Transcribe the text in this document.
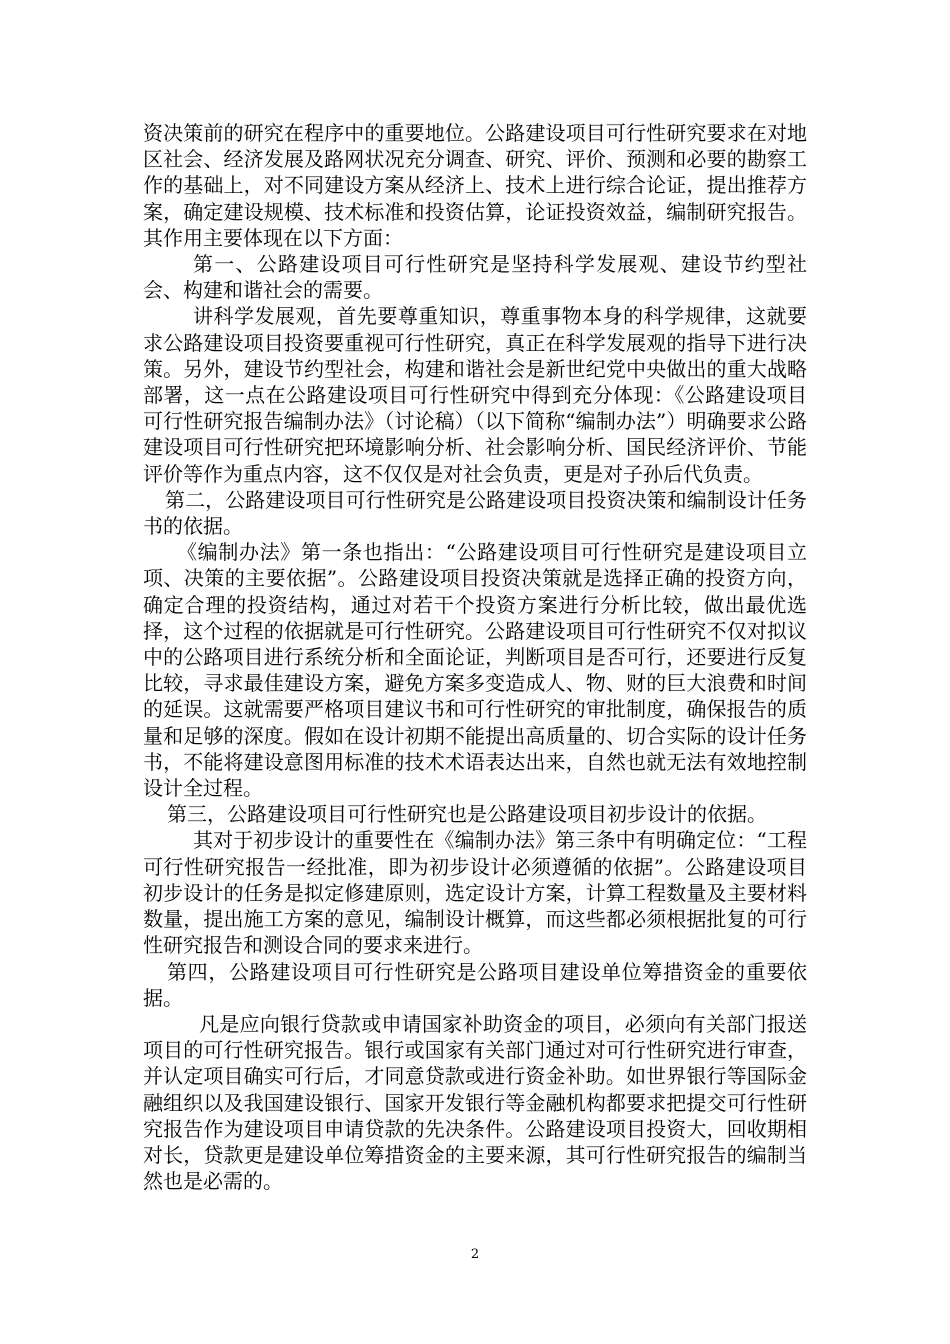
资决策前的研究在程序中的重要地位。公路建设项目可行性研究要求在对地区社会、经济发展及路网状况充分调查、研究、评价、预测和必要的勘察工作的基础上，对不同建设方案从经济上、技术上进行综合论证，提出推荐方案，确定建设规模、技术标准和投资估算，论证投资效益，编制研究报告。其作用主要体现在以下方面：

第一、公路建设项目可行性研究是坚持科学发展观、建设节约型社会、构建和谐社会的需要。

讲科学发展观，首先要尊重知识，尊重事物本身的科学规律，这就要求公路建设项目投资要重视可行性研究，真正在科学发展观的指导下进行决策。另外，建设节约型社会，构建和谐社会是新世纪党中央做出的重大战略部署，这一点在公路建设项目可行性研究中得到充分体现：《公路建设项目可行性研究报告编制办法》（讨论稿）（以下简称“编制办法”）明确要求公路建设项目可行性研究把环境影响分析、社会影响分析、国民经济评价、节能评价等作为重点内容，这不仅仅是对社会负责，更是对子孙后代负责。

第二，公路建设项目可行性研究是公路建设项目投资决策和编制设计任务书的依据。

《编制办法》第一条也指出：“公路建设项目可行性研究是建设项目立项、决策的主要依据”。公路建设项目投资决策就是选择正确的投资方向，确定合理的投资结构，通过对若干个投资方案进行分析比较，做出最优选择，这个过程的依据就是可行性研究。公路建设项目可行性研究不仅对拟议中的公路项目进行系统分析和全面论证，判断项目是否可行，还要进行反复比较，寻求最佳建设方案，避免方案多变造成人、物、财的巨大浪费和时间的延误。这就需要严格项目建议书和可行性研究的审批制度，确保报告的质量和足够的深度。假如在设计初期不能提出高质量的、切合实际的设计任务书，不能将建设意图用标准的技术术语表达出来，自然也就无法有效地控制设计全过程。

第三，公路建设项目可行性研究也是公路建设项目初步设计的依据。

其对于初步设计的重要性在《编制办法》第三条中有明确定位：“工程可行性研究报告一经批准，即为初步设计必须遵循的依据”。公路建设项目初步设计的任务是拟定修建原则，选定设计方案，计算工程数量及主要材料数量，提出施工方案的意见，编制设计概算，而这些都必须根据批复的可行性研究报告和测设合同的要求来进行。

第四，公路建设项目可行性研究是公路项目建设单位筹措资金的重要依据。

凡是应向银行贷款或申请国家补助资金的项目，必须向有关部门报送项目的可行性研究报告。银行或国家有关部门通过对可行性研究进行审查，并认定项目确实可行后，才同意贷款或进行资金补助。如世界银行等国际金融组织以及我国建设银行、国家开发银行等金融机构都要求把提交可行性研究报告作为建设项目申请贷款的先决条件。公路建设项目投资大，回收期相对长，贷款更是建设单位筹措资金的主要来源，其可行性研究报告的编制当然也是必需的。

2
